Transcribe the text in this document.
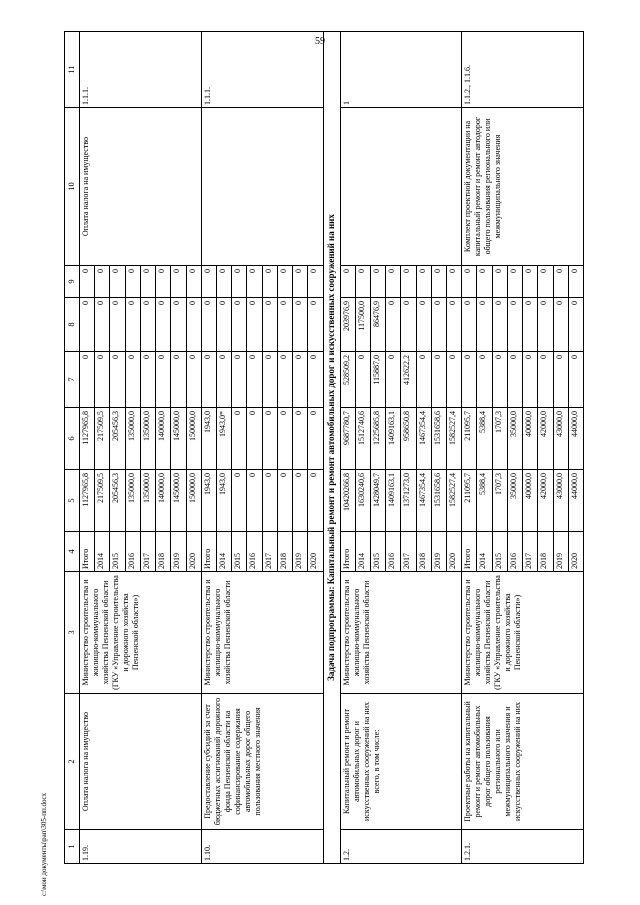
59
1	2	3	4	5	6	7	8	9	10	11
1.19.	Оплата налога на имущество	Министерство строительства и жилищно-коммунального хозяйства Пензенской области (ГКУ «Управление строительства и дорожного хозяйства Пензенской области»)	Итого	1127965,8	1127965,8	0	0	0	Оплата налога на имущество	1.1.1.
			2014	217509,5	217509,5	0	0	0		
			2015	205456,3	205456,3	0	0	0		
			2016	135000,0	135000,0	0	0	0		
			2017	135000,0	135000,0	0	0	0		
			2018	140000,0	140000,0	0	0	0		
			2019	145000,0	145000,0	0	0	0		
			2020	150000,0	150000,0	0	0	0		
1.10.	Предоставление субсидий за счет бюджетных ассигнований дорожного фонда Пензенской области на софинансирование содержания автомобильных дорог общего пользования местного значения	Министерство строительства и жилищно-коммунального хозяйства Пензенской области	Итого	1943,0	1943,0	0	0	0		1.1.1.
			2014	1943,0	1943,0*	0	0	0		
			2015	0	0	0	0	0		
			2016	0	0	0	0	0		
			2017	0	0	0	0	0		
			2018	0	0	0	0	0		
			2019	0	0	0	0	0		
			2020	0	0	0	0	0		
Задача подпрограммы: Капитальный ремонт и ремонт автомобильных дорог и искусственных сооружений на них										
1.2.	Капитальный ремонт и ремонт автомобильных дорог и искусственных сооружений на них всего, в том числе:	Министерство строительства и жилищно-коммунального хозяйства Пензенской области	Итого	10420266,8	9687780,7	528509,2	203976,9	0		1
			2014	1630240,6	1512740,6	0	117500,0	0		
			2015	1428049,7	1225685,8	115887,0	86476,9	0		
			2016	1409163,1	1409163,1	0	0	0		
			2017	1371273,0	958650,8	412622,2	0	0		
			2018	1467354,4	1467354,4	0	0	0		
			2019	1531658,6	1531658,6	0	0	0		
			2020	1582527,4	1582527,4	0	0	0		
1.2.1.	Проектные работы на капитальный ремонт и ремонт автомобильных дорог общего пользования регионального или межмуниципального значения и искусственных сооружений на них	Министерство строительства и жилищно-коммунального хозяйства Пензенской области (ГКУ «Управление строительства и дорожного хозяйства Пензенской области»)	Итого	211095,7	211095,7	0	0	0	Комплект проектной документации на капитальный ремонт и ремонт автодорог общего пользования регионального или межмуниципального значения	1.1.2., 1.1.6.
			2014	5388,4	5388,4	0	0	0		
			2015	1707,3	1707,3	0	0	0		
			2016	35000,0	35000,0	0	0	0		
			2017	40000,0	40000,0	0	0	0		
			2018	42000,0	42000,0	0	0	0		
			2019	43000,0	43000,0	0	0	0		
			2020	44000,0	44000,0	0	0	0		
c:\мои документы\рап\305-пп.docx
